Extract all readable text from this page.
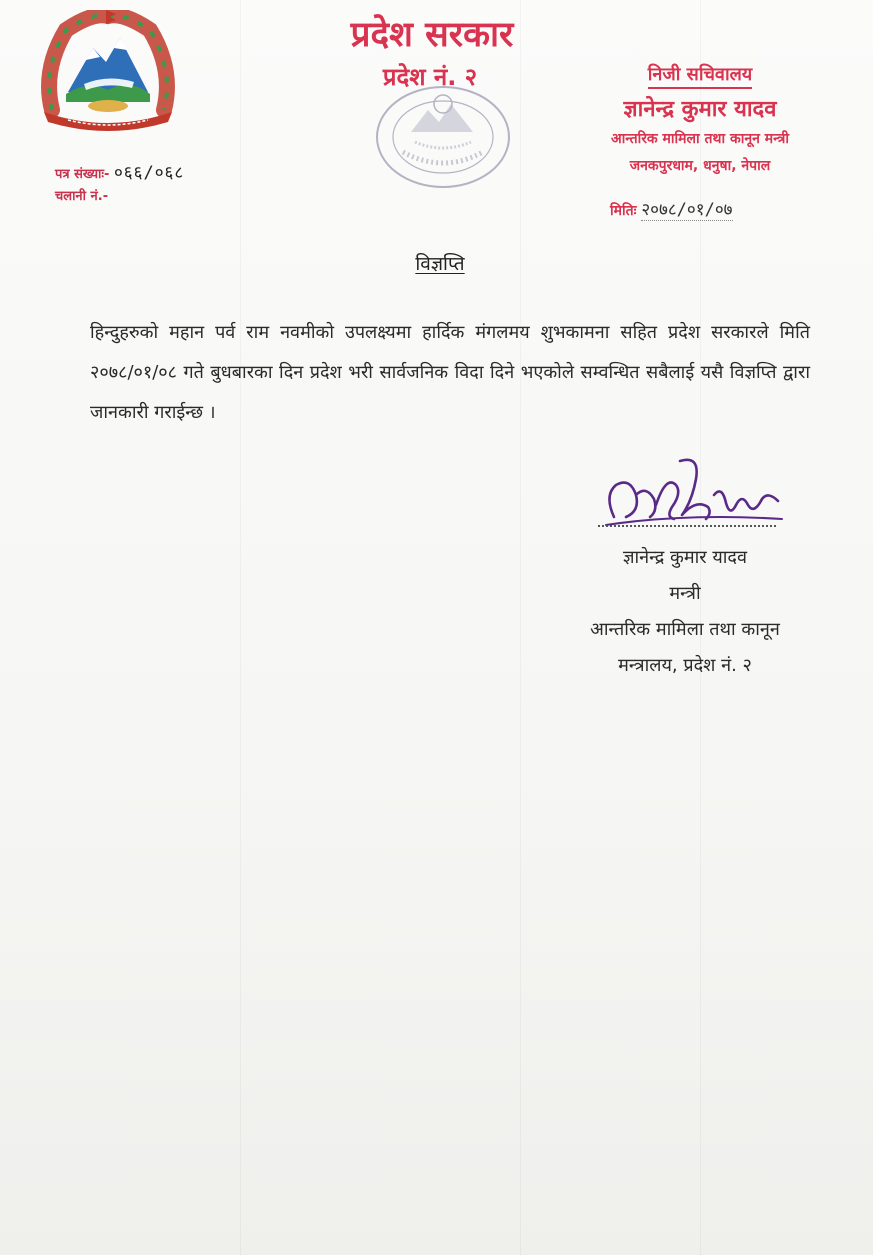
पत्र संख्याः- ०६६/०६८
चलानी नं.-
प्रदेश सरकार
प्रदेश नं. २	निजी सचिवालय
ज्ञानेन्द्र कुमार यादव
आन्तरिक मामिला तथा कानून मन्त्री
जनकपुरधाम, धनुषा, नेपाल
मितिः २०७८/०१/०७
विज्ञप्ति

हिन्दुहरुको महान पर्व राम नवमीको उपलक्ष्यमा हार्दिक मंगलमय शुभकामना सहित प्रदेश सरकारले मिति २०७८/०१/०८ गते बुधबारका दिन प्रदेश भरी सार्वजनिक विदा दिने भएकोले सम्वन्धित सबैलाई यसै विज्ञप्ति द्वारा जानकारी गराईन्छ ।

ज्ञानेन्द्र कुमार यादव
मन्त्री
आन्तरिक मामिला तथा कानून
मन्त्रालय, प्रदेश नं. २
